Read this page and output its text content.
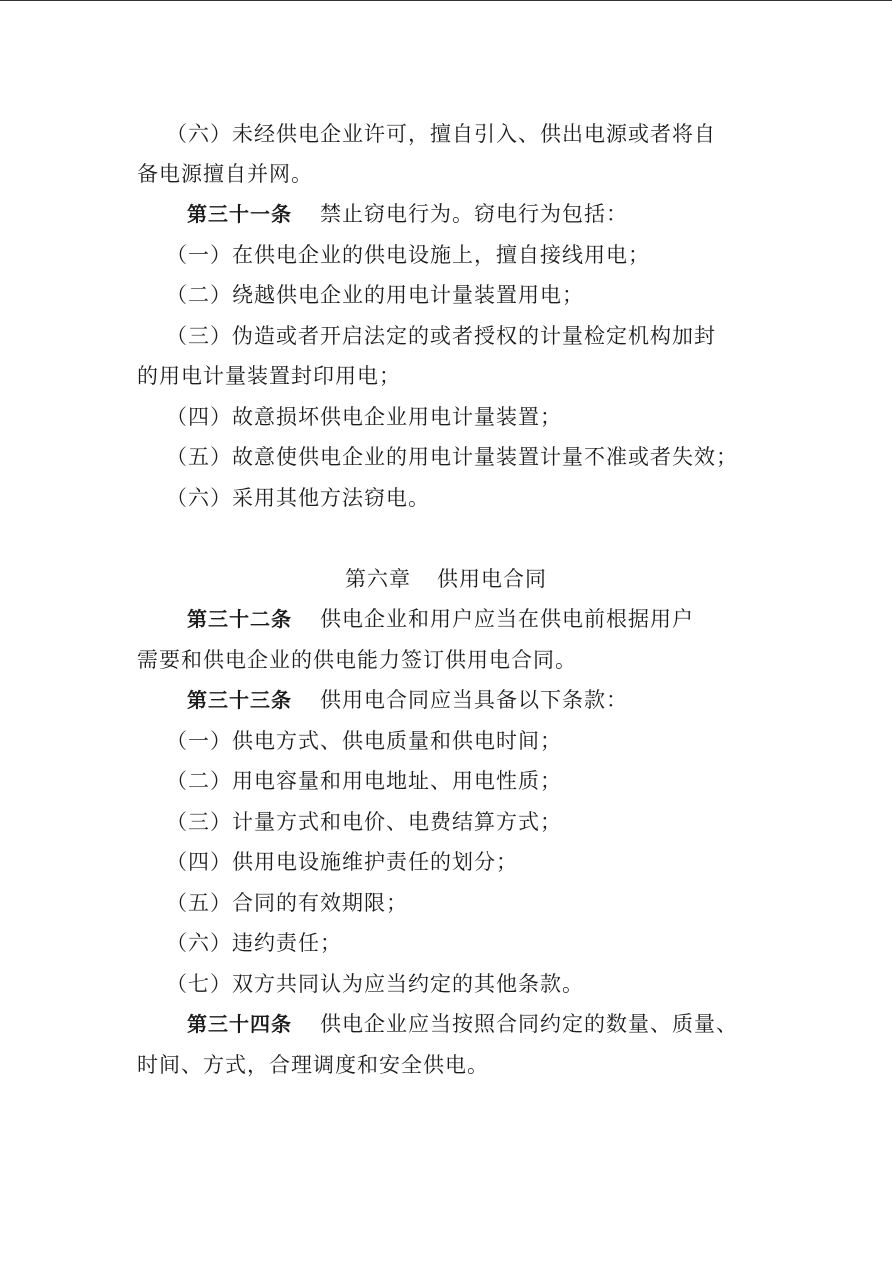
（六）未经供电企业许可，擅自引入、供出电源或者将自
备电源擅自并网。
第三十一条 禁止窃电行为。窃电行为包括：
（一）在供电企业的供电设施上，擅自接线用电；
（二）绕越供电企业的用电计量装置用电；
（三）伪造或者开启法定的或者授权的计量检定机构加封
的用电计量装置封印用电；
（四）故意损坏供电企业用电计量装置；
（五）故意使供电企业的用电计量装置计量不准或者失效；
（六）采用其他方法窃电。
第六章 供用电合同
第三十二条 供电企业和用户应当在供电前根据用户
需要和供电企业的供电能力签订供用电合同。
第三十三条 供用电合同应当具备以下条款：
（一）供电方式、供电质量和供电时间；
（二）用电容量和用电地址、用电性质；
（三）计量方式和电价、电费结算方式；
（四）供用电设施维护责任的划分；
（五）合同的有效期限；
（六）违约责任；
（七）双方共同认为应当约定的其他条款。
第三十四条 供电企业应当按照合同约定的数量、质量、
时间、方式，合理调度和安全供电。
